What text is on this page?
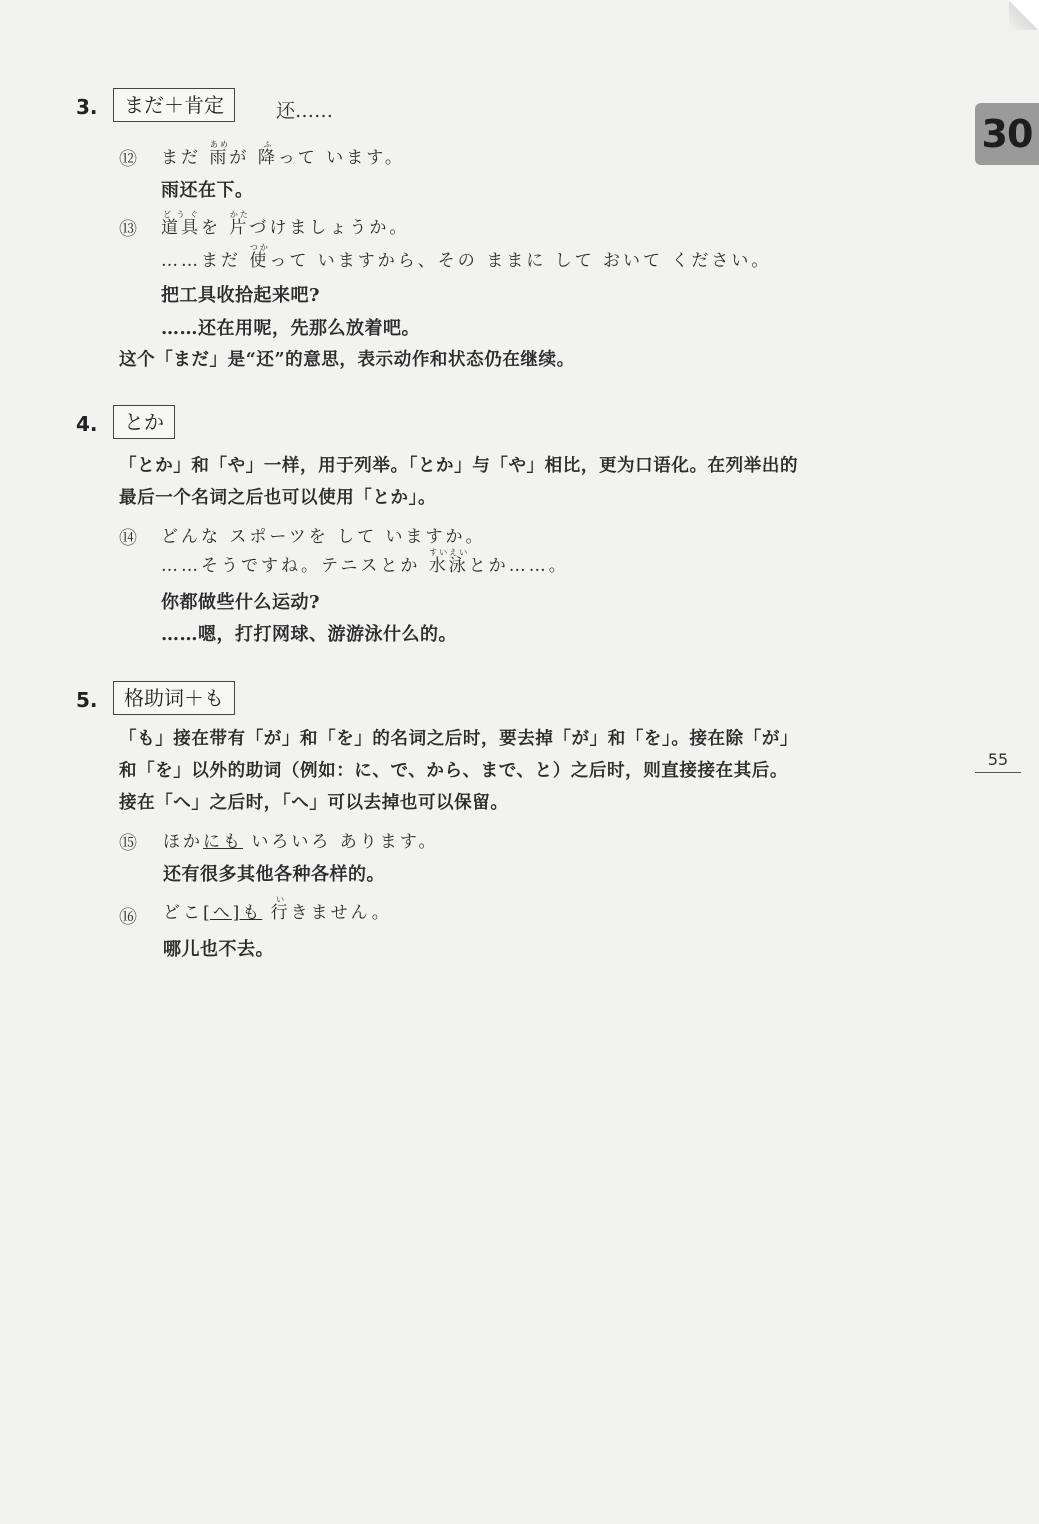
30
55
3.	まだ＋肯定	还……
⑫ まだ 雨あめが 降ふって います。
雨还在下。
⑬ 道具どうぐを 片かたづけましょうか。
……まだ 使つかって いますから、その ままに して おいて ください。
把工具收拾起来吧?
……还在用呢，先那么放着吧。
这个「まだ」是“还”的意思，表示动作和状态仍在继续。
4.	とか
「とか」和「や」一样，用于列举。「とか」与「や」相比，更为口语化。在列举出的
最后一个名词之后也可以使用「とか」。
⑭ どんな スポーツを して いますか。
……そうですね。テニスとか 水泳すいえいとか……。
你都做些什么运动?
……嗯，打打网球、游游泳什么的。
5.	格助词＋も
「も」接在带有「が」和「を」的名词之后时，要去掉「が」和「を」。接在除「が」
和「を」以外的助词（例如：に、で、から、まで、と）之后时，则直接接在其后。
接在「へ」之后时，「へ」可以去掉也可以保留。
⑮ ほかにも いろいろ あります。
还有很多其他各种各样的。
⑯ どこ[へ]も 行いきません。
哪儿也不去。
